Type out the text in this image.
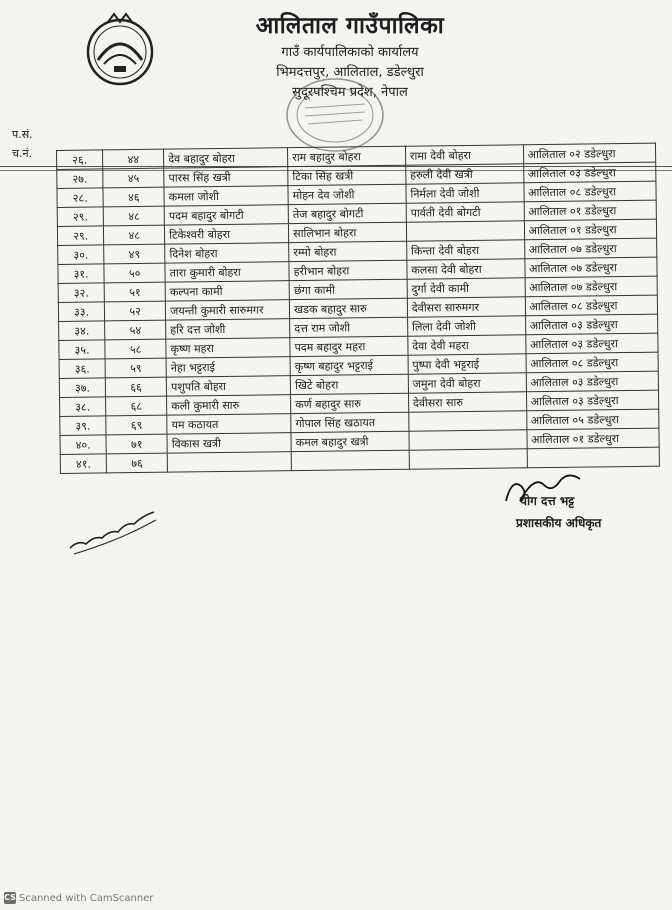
आलिताल गाउँपालिका
गाउँ कार्यपालिकाको कार्यालय
भिमदत्तपुर, आलिताल, डडेल्धुरा
सुदूरपश्चिम प्रदेश, नेपाल
प.सं.
च.नं.	२६.	४४	देव बहादुर बोहरा	राम बहादुर बोहरा	रामा देवी बोहरा	आलिताल ०२ डडेल्धुरा
२७.	४५	पारस सिंह खत्री	टिका सिंह खत्री	हरुली देवी खत्री	आलिताल ०३ डडेल्धुरा
२८.	४६	कमला जोशी	मोहन देव जोशी	निर्मला देवी जोशी	आलिताल ०८ डडेल्धुरा
२९.	४८	पदम बहादुर बोगटी	तेज बहादुर बोगटी	पार्वती देवी बोगटी	आलिताल ०१ डडेल्धुरा
२९.	४८	टिकेश्वरी बोहरा	सालिभान बोहरा		आलिताल ०१ डडेल्धुरा
३०.	४९	दिनेश बोहरा	रम्मो बोहरा	किन्ता देवी बोहरा	आलिताल ०७ डडेल्धुरा
३१.	५०	तारा कुमारी बोहरा	हरीभान बोहरा	कलसा देवी बोहरा	आलिताल ०७ डडेल्धुरा
३२.	५१	कल्पना कामी	छंगा कामी	दुर्गा देवी कामी	आलिताल ०७ डडेल्धुरा
३३.	५२	जयन्ती कुमारी सारुमगर	खडक बहादुर सारु	देवीसरा सारुमगर	आलिताल ०८ डडेल्धुरा
३४.	५४	हरि दत्त जोशी	दत्त राम जोशी	लिला देवी जोशी	आलिताल ०३ डडेल्धुरा
३५.	५८	कृष्ण महरा	पदम बहादुर महरा	देवा देवी महरा	आलिताल ०३ डडेल्धुरा
३६.	५९	नेहा भट्टराई	कृष्ण बहादुर भट्टराई	पुष्पा देवी भट्टराई	आलिताल ०८ डडेल्धुरा
३७.	६६	पशुपति बोहरा	खिटे बोहरा	जमुना देवी बोहरा	आलिताल ०३ डडेल्धुरा
३८.	६८	कली कुमारी सारु	कर्ण बहादुर सारु	देवीसरा सारु	आलिताल ०३ डडेल्धुरा
३९.	६९	यम कठायत	गोपाल सिंह खठायत		आलिताल ०५ डडेल्धुरा
४०.	७१	विकास खत्री	कमल बहादुर खत्री		आलिताल ०१ डडेल्धुरा
४१.	७६				
योग दत्त भट्ट
प्रशासकीय अधिकृत
CS Scanned with CamScanner
